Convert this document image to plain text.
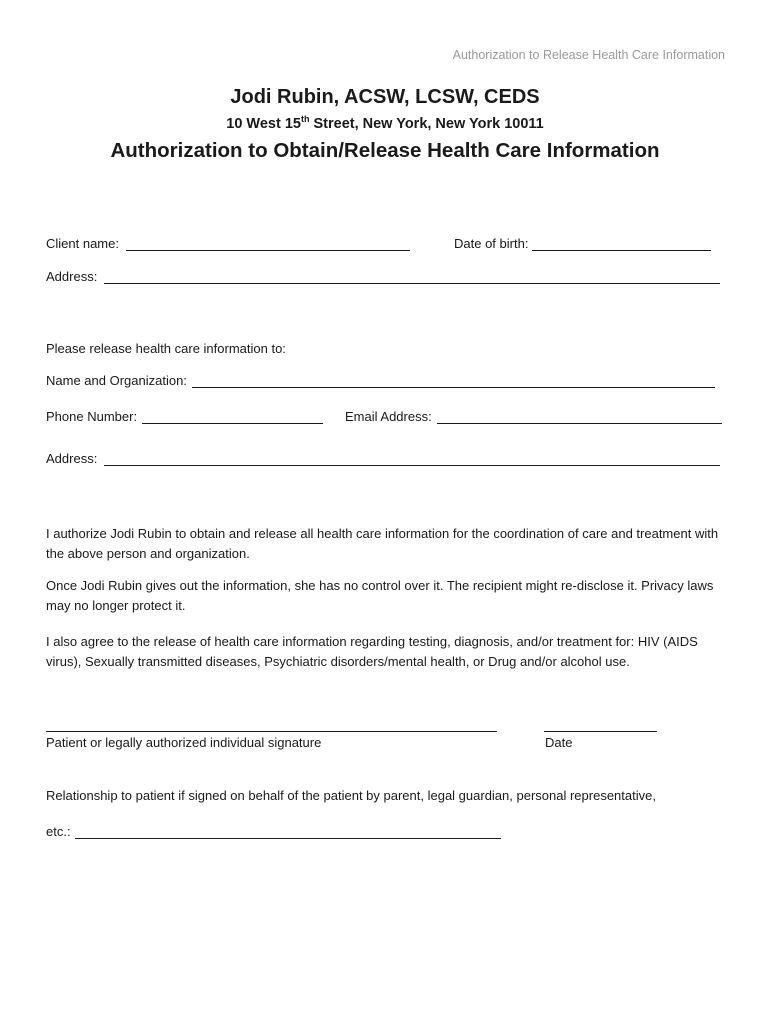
Authorization to Release Health Care Information
Jodi Rubin, ACSW, LCSW, CEDS
10 West 15th Street, New York, New York 10011
Authorization to Obtain/Release Health Care Information
Client name:	Date of birth:
Address:
Please release health care information to:
Name and Organization:
Phone Number:	Email Address:
Address:
I authorize Jodi Rubin to obtain and release all health care information for the coordination of care and treatment with the above person and organization.
Once Jodi Rubin gives out the information, she has no control over it. The recipient might re-disclose it. Privacy laws may no longer protect it.
I also agree to the release of health care information regarding testing, diagnosis, and/or treatment for: HIV (AIDS virus), Sexually transmitted diseases, Psychiatric disorders/mental health, or Drug and/or alcohol use.
Patient or legally authorized individual signature	Date
Relationship to patient if signed on behalf of the patient by parent, legal guardian, personal representative,
etc.:
